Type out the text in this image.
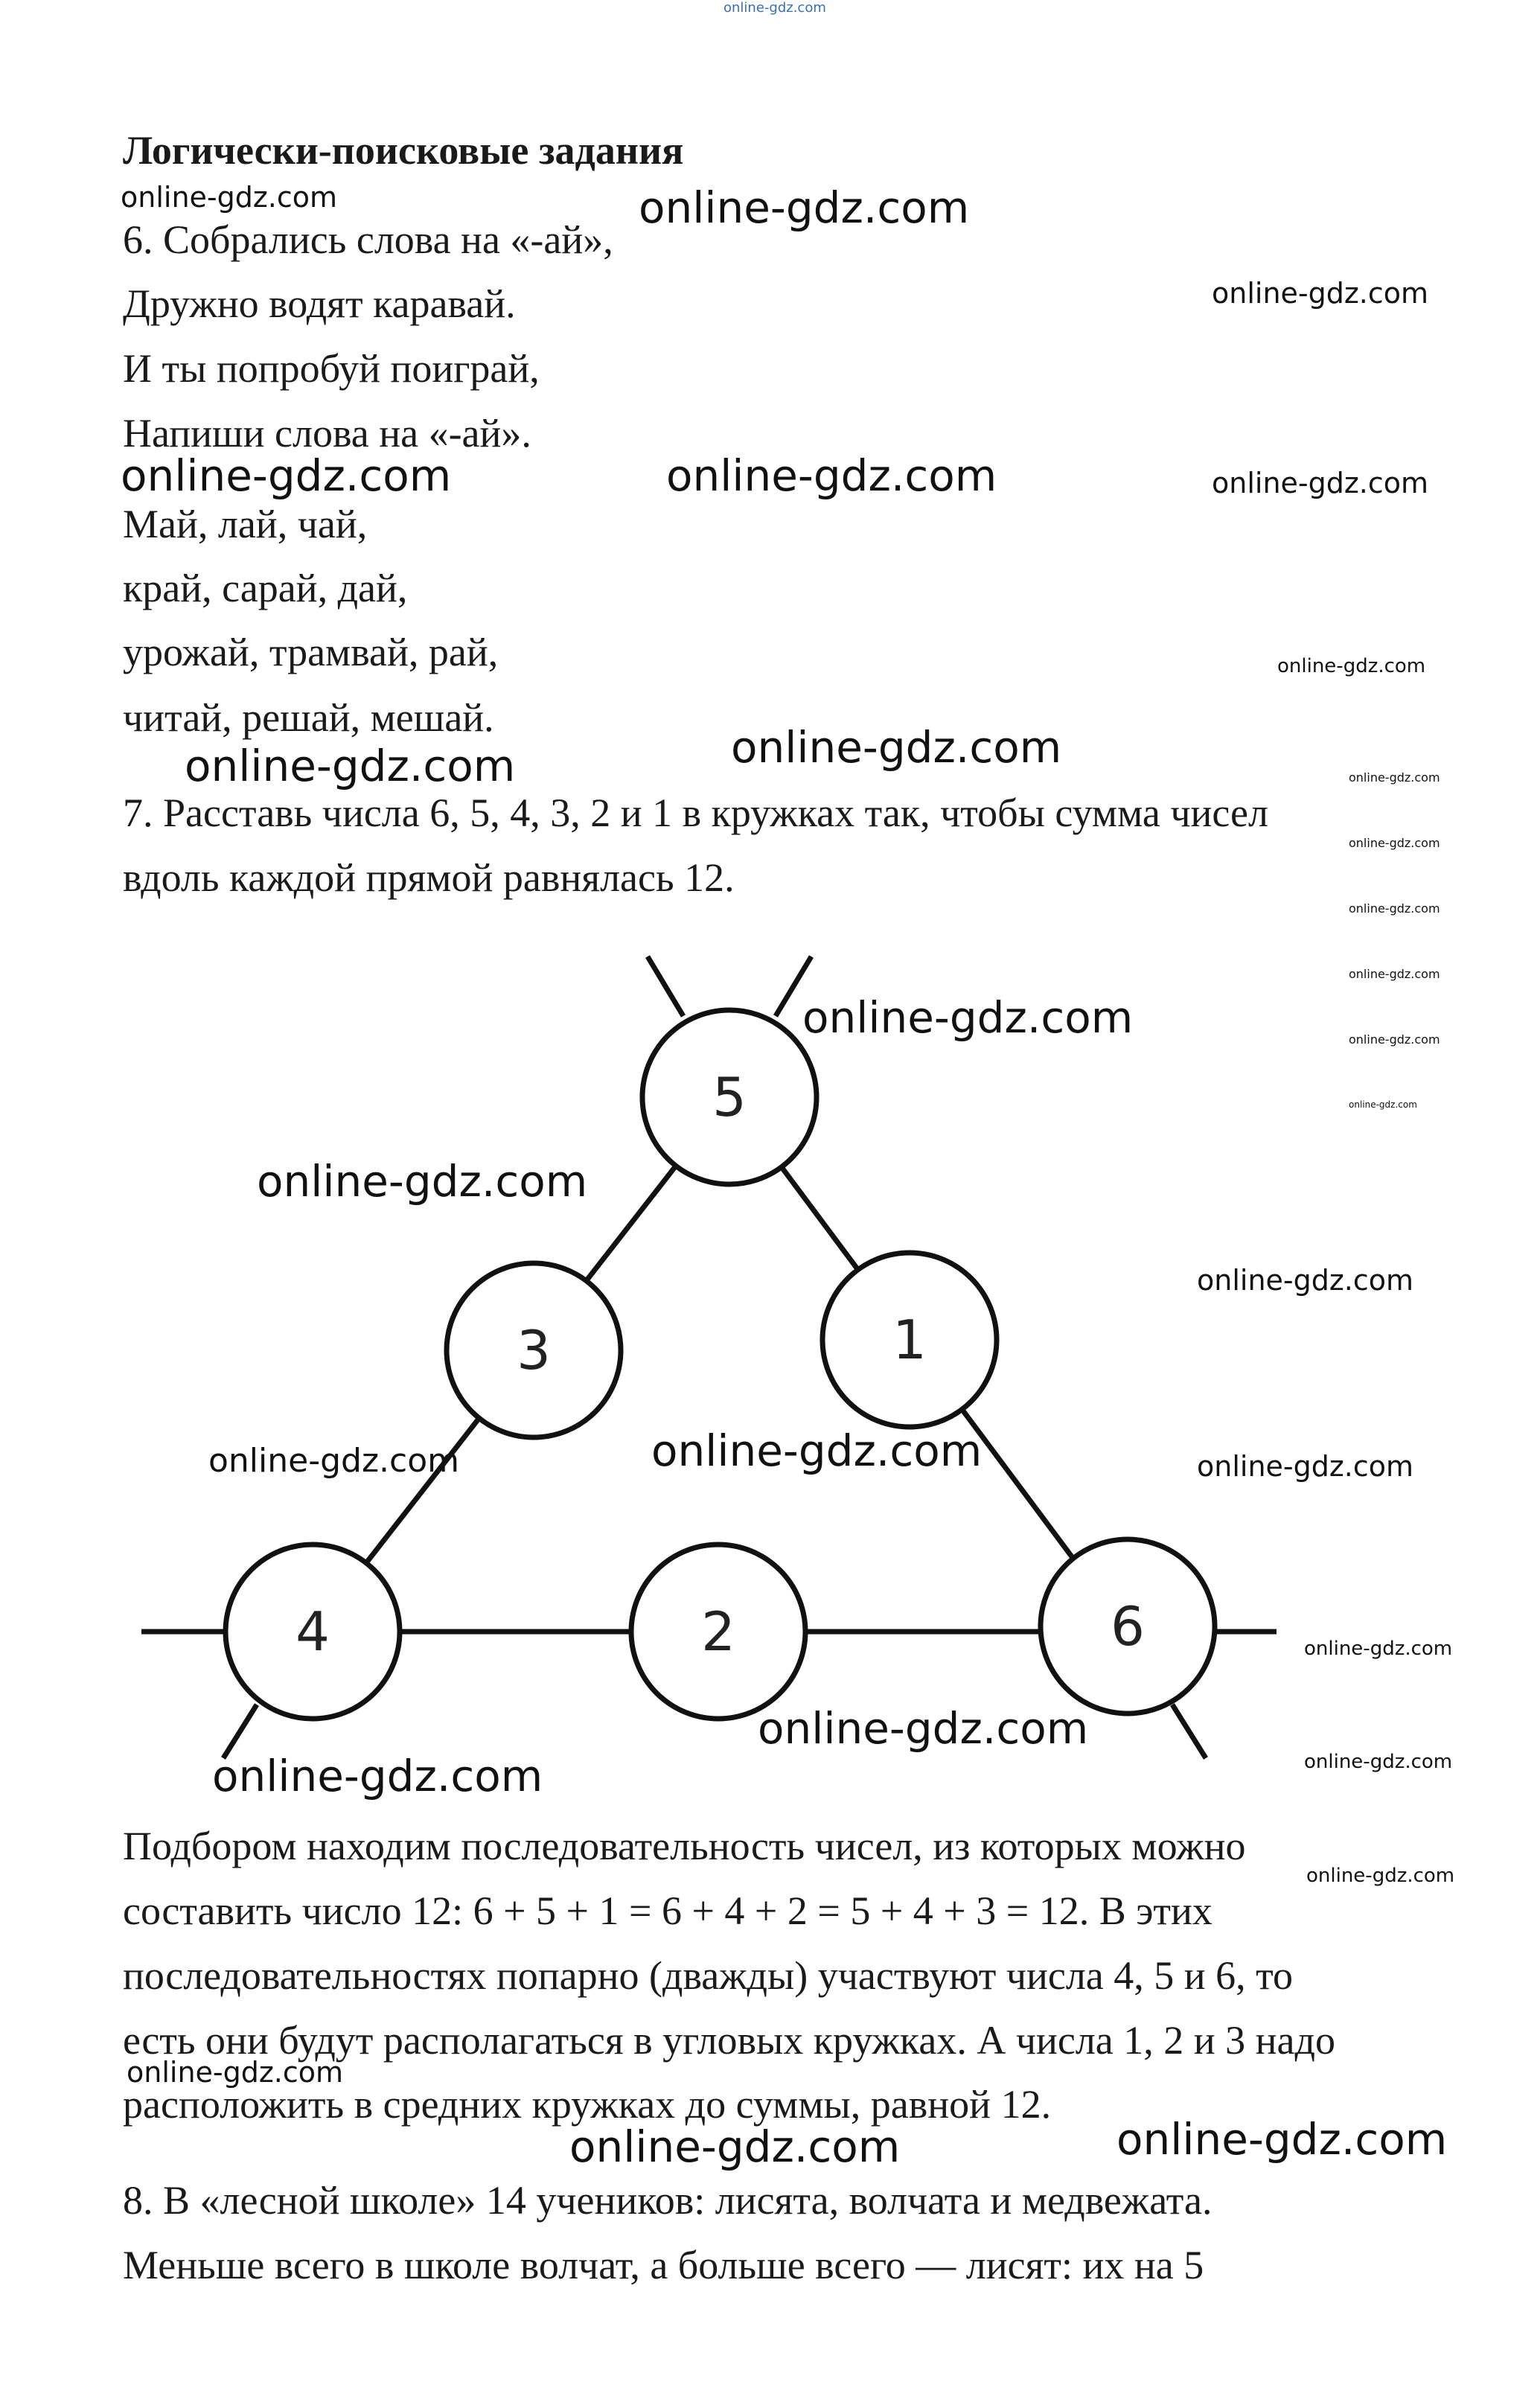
online-gdz.com
Логически-поисковые задания
6. Собрались слова на «-ай»,
Дружно водят каравай.
И ты попробуй поиграй,
Напиши слова на «-ай».
Май, лай, чай,
край, сарай, дай,
урожай, трамвай, рай,
читай, решай, мешай.
7. Расставь числа 6, 5, 4, 3, 2 и 1 в кружках так, чтобы сумма чисел
вдоль каждой прямой равнялась 12.
5
3	1
4	2	6
Подбором находим последовательность чисел, из которых можно
составить число 12: 6 + 5 + 1 = 6 + 4 + 2 = 5 + 4 + 3 = 12. В этих
последовательностях попарно (дважды) участвуют числа 4, 5 и 6, то
есть они будут располагаться в угловых кружках. А числа 1, 2 и 3 надо
расположить в средних кружках до суммы, равной 12.
8. В «лесной школе» 14 учеников: лисята, волчата и медвежата.
Меньше всего в школе волчат, а больше всего — лисят: их на 5
online-gdz.com	online-gdz.com
online-gdz.com
online-gdz.com	online-gdz.com	online-gdz.com
online-gdz.com
online-gdz.com	online-gdz.com
online-gdz.com
online-gdz.com
online-gdz.com
online-gdz.com
online-gdz.com
online-gdz.com
online-gdz.com
online-gdz.com
online-gdz.com
online-gdz.com	online-gdz.com	online-gdz.com
online-gdz.com
online-gdz.com
online-gdz.com	online-gdz.com
online-gdz.com
online-gdz.com
online-gdz.com	online-gdz.com
